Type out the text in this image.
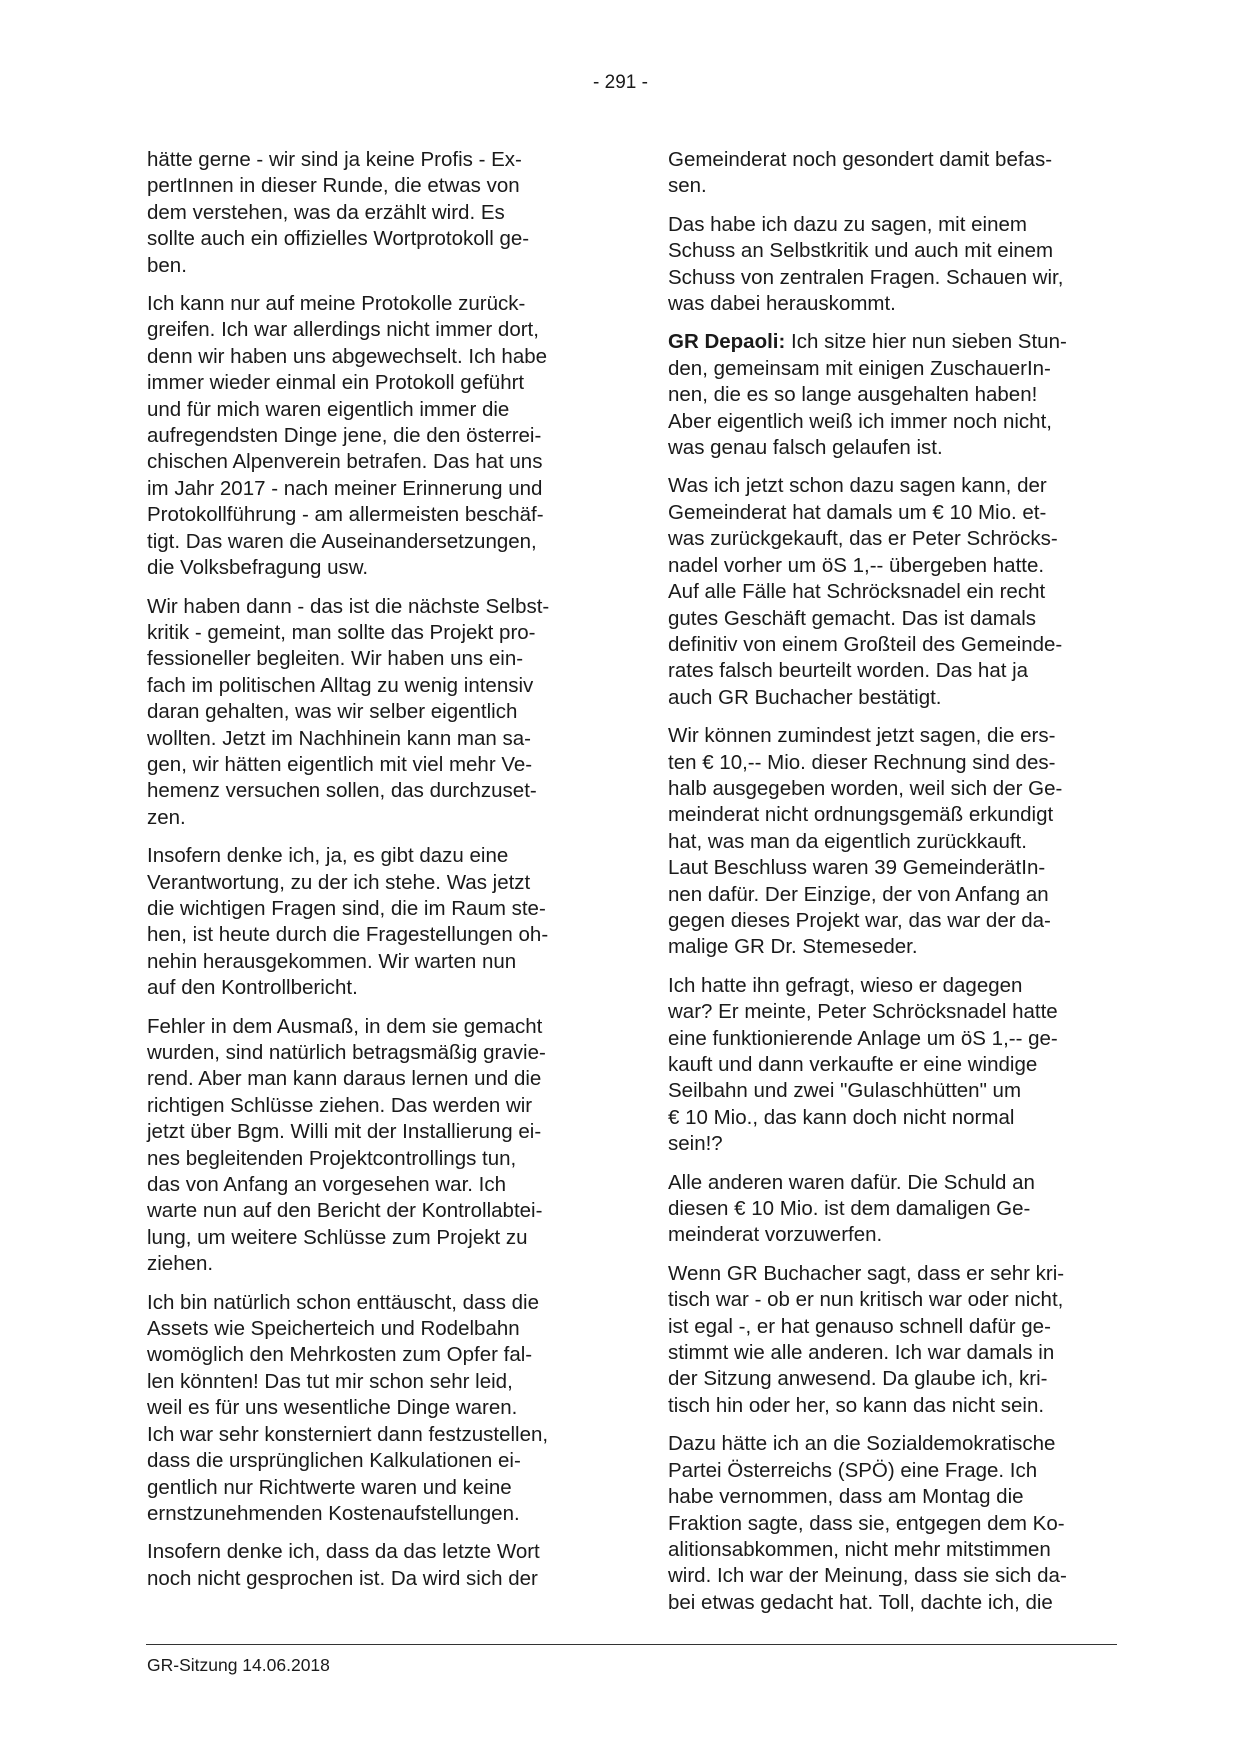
- 291 -

hätte gerne - wir sind ja keine Profis - Ex-
pertInnen in dieser Runde, die etwas von
dem verstehen, was da erzählt wird. Es
sollte auch ein offizielles Wortprotokoll ge-
ben.

Ich kann nur auf meine Protokolle zurück-
greifen. Ich war allerdings nicht immer dort,
denn wir haben uns abgewechselt. Ich habe
immer wieder einmal ein Protokoll geführt
und für mich waren eigentlich immer die
aufregendsten Dinge jene, die den österrei-
chischen Alpenverein betrafen. Das hat uns
im Jahr 2017 - nach meiner Erinnerung und
Protokollführung - am allermeisten beschäf-
tigt. Das waren die Auseinandersetzungen,
die Volksbefragung usw.

Wir haben dann - das ist die nächste Selbst-
kritik - gemeint, man sollte das Projekt pro-
fessioneller begleiten. Wir haben uns ein-
fach im politischen Alltag zu wenig intensiv
daran gehalten, was wir selber eigentlich
wollten. Jetzt im Nachhinein kann man sa-
gen, wir hätten eigentlich mit viel mehr Ve-
hemenz versuchen sollen, das durchzuset-
zen.

Insofern denke ich, ja, es gibt dazu eine
Verantwortung, zu der ich stehe. Was jetzt
die wichtigen Fragen sind, die im Raum ste-
hen, ist heute durch die Fragestellungen oh-
nehin herausgekommen. Wir warten nun
auf den Kontrollbericht.

Fehler in dem Ausmaß, in dem sie gemacht
wurden, sind natürlich betragsmäßig gravie-
rend. Aber man kann daraus lernen und die
richtigen Schlüsse ziehen. Das werden wir
jetzt über Bgm. Willi mit der Installierung ei-
nes begleitenden Projektcontrollings tun,
das von Anfang an vorgesehen war. Ich
warte nun auf den Bericht der Kontrollabtei-
lung, um weitere Schlüsse zum Projekt zu
ziehen.

Ich bin natürlich schon enttäuscht, dass die
Assets wie Speicherteich und Rodelbahn
womöglich den Mehrkosten zum Opfer fal-
len könnten! Das tut mir schon sehr leid,
weil es für uns wesentliche Dinge waren.
Ich war sehr konsterniert dann festzustellen,
dass die ursprünglichen Kalkulationen ei-
gentlich nur Richtwerte waren und keine
ernstzunehmenden Kostenaufstellungen.

Insofern denke ich, dass da das letzte Wort
noch nicht gesprochen ist. Da wird sich der

Gemeinderat noch gesondert damit befas-
sen.

Das habe ich dazu zu sagen, mit einem
Schuss an Selbstkritik und auch mit einem
Schuss von zentralen Fragen. Schauen wir,
was dabei herauskommt.

GR Depaoli: Ich sitze hier nun sieben Stun-
den, gemeinsam mit einigen ZuschauerIn-
nen, die es so lange ausgehalten haben!
Aber eigentlich weiß ich immer noch nicht,
was genau falsch gelaufen ist.

Was ich jetzt schon dazu sagen kann, der
Gemeinderat hat damals um € 10 Mio. et-
was zurückgekauft, das er Peter Schröcks-
nadel vorher um öS 1,-- übergeben hatte.
Auf alle Fälle hat Schröcksnadel ein recht
gutes Geschäft gemacht. Das ist damals
definitiv von einem Großteil des Gemeinde-
rates falsch beurteilt worden. Das hat ja
auch GR Buchacher bestätigt.

Wir können zumindest jetzt sagen, die ers-
ten € 10,-- Mio. dieser Rechnung sind des-
halb ausgegeben worden, weil sich der Ge-
meinderat nicht ordnungsgemäß erkundigt
hat, was man da eigentlich zurückkauft.
Laut Beschluss waren 39 GemeinderätIn-
nen dafür. Der Einzige, der von Anfang an
gegen dieses Projekt war, das war der da-
malige GR Dr. Stemeseder.

Ich hatte ihn gefragt, wieso er dagegen
war? Er meinte, Peter Schröcksnadel hatte
eine funktionierende Anlage um öS 1,-- ge-
kauft und dann verkaufte er eine windige
Seilbahn und zwei "Gulaschhütten" um
€ 10 Mio., das kann doch nicht normal
sein!?

Alle anderen waren dafür. Die Schuld an
diesen € 10 Mio. ist dem damaligen Ge-
meinderat vorzuwerfen.

Wenn GR Buchacher sagt, dass er sehr kri-
tisch war - ob er nun kritisch war oder nicht,
ist egal -, er hat genauso schnell dafür ge-
stimmt wie alle anderen. Ich war damals in
der Sitzung anwesend. Da glaube ich, kri-
tisch hin oder her, so kann das nicht sein.

Dazu hätte ich an die Sozialdemokratische
Partei Österreichs (SPÖ) eine Frage. Ich
habe vernommen, dass am Montag die
Fraktion sagte, dass sie, entgegen dem Ko-
alitionsabkommen, nicht mehr mitstimmen
wird. Ich war der Meinung, dass sie sich da-
bei etwas gedacht hat. Toll, dachte ich, die

GR-Sitzung 14.06.2018
